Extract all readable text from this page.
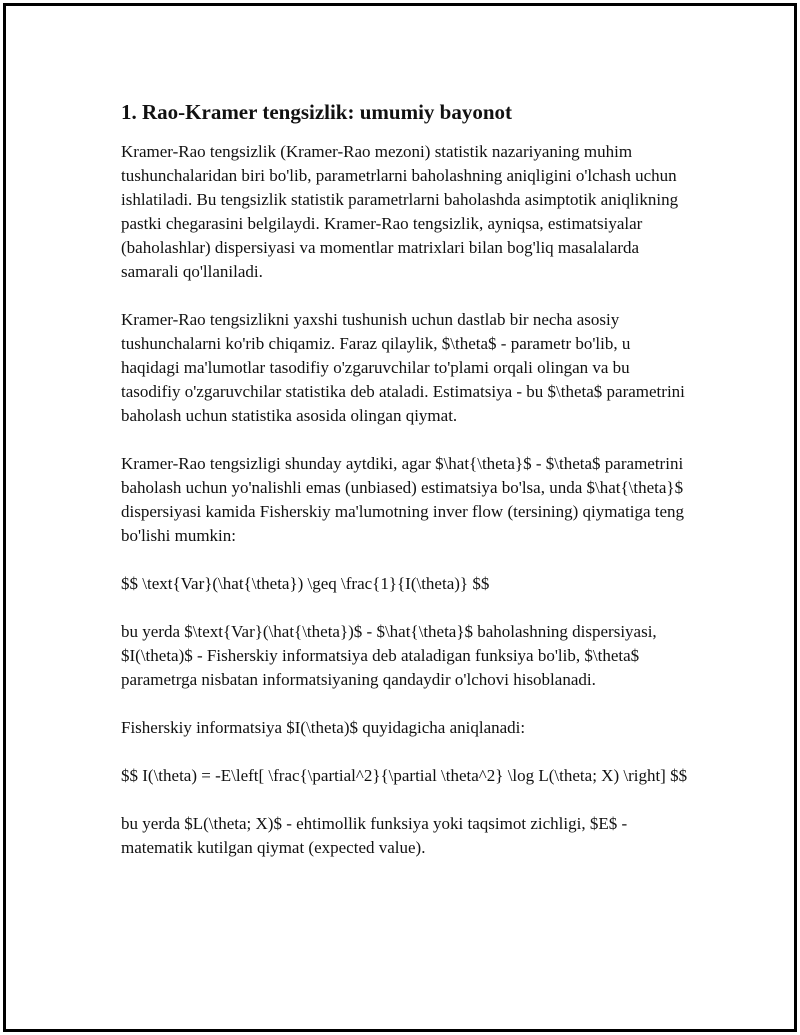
1. Rao-Kramer tengsizlik: umumiy bayonot

Kramer-Rao tengsizlik (Kramer-Rao mezoni) statistik nazariyaning muhim tushunchalaridan biri bo'lib, parametrlarni baholashning aniqligini o'lchash uchun ishlatiladi. Bu tengsizlik statistik parametrlarni baholashda asimptotik aniqlikning pastki chegarasini belgilaydi. Kramer-Rao tengsizlik, ayniqsa, estimatsiyalar (baholashlar) dispersiyasi va momentlar matrixlari bilan bog'liq masalalarda samarali qo'llaniladi.

Kramer-Rao tengsizlikni yaxshi tushunish uchun dastlab bir necha asosiy tushunchalarni ko'rib chiqamiz. Faraz qilaylik, $\theta$ - parametr bo'lib, u haqidagi ma'lumotlar tasodifiy o'zgaruvchilar to'plami orqali olingan va bu tasodifiy o'zgaruvchilar statistika deb ataladi. Estimatsiya - bu $\theta$ parametrini baholash uchun statistika asosida olingan qiymat.

Kramer-Rao tengsizligi shunday aytdiki, agar $\hat{\theta}$ - $\theta$ parametrini baholash uchun yo'nalishli emas (unbiased) estimatsiya bo'lsa, unda $\hat{\theta}$ dispersiyasi kamida Fisherskiy ma'lumotning inver flow (tersining) qiymatiga teng bo'lishi mumkin:

$$ \text{Var}(\hat{\theta}) \geq \frac{1}{I(\theta)} $$

bu yerda $\text{Var}(\hat{\theta})$ - $\hat{\theta}$ baholashning dispersiyasi, $I(\theta)$ - Fisherskiy informatsiya deb ataladigan funksiya bo'lib, $\theta$ parametrga nisbatan informatsiyaning qandaydir o'lchovi hisoblanadi.

Fisherskiy informatsiya $I(\theta)$ quyidagicha aniqlanadi:

$$ I(\theta) = -E\left[ \frac{\partial^2}{\partial \theta^2} \log L(\theta; X) \right] $$

bu yerda $L(\theta; X)$ - ehtimollik funksiya yoki taqsimot zichligi, $E$ - matematik kutilgan qiymat (expected value).
